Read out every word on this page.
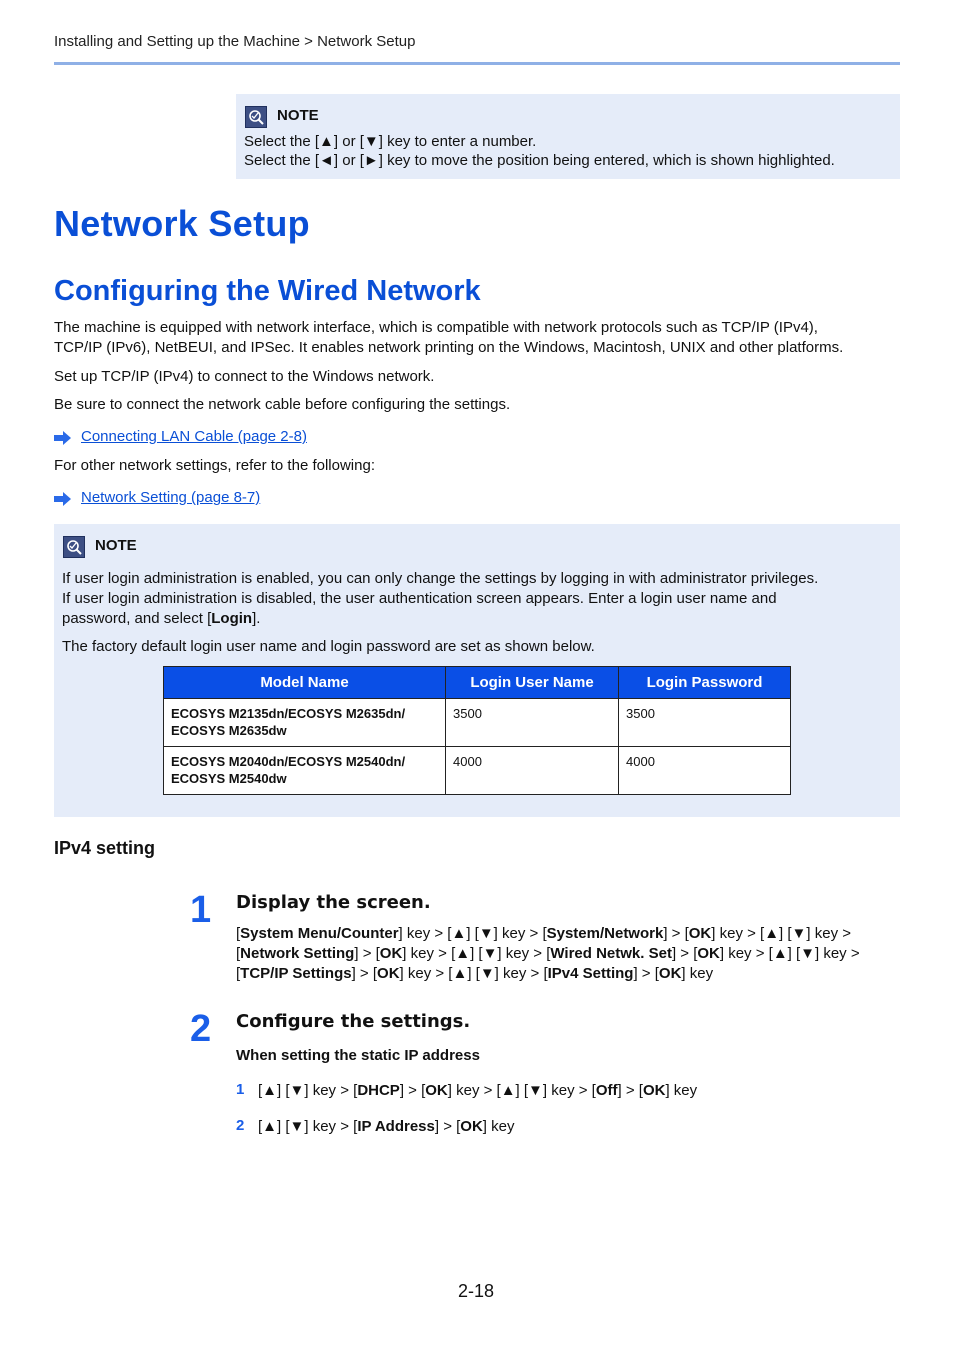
Installing and Setting up the Machine > Network Setup
NOTE
Select the [▲] or [▼] key to enter a number.
Select the [◄] or [►] key to move the position being entered, which is shown highlighted.
Network Setup
Configuring the Wired Network
The machine is equipped with network interface, which is compatible with network protocols such as TCP/IP (IPv4),
TCP/IP (IPv6), NetBEUI, and IPSec. It enables network printing on the Windows, Macintosh, UNIX and other platforms.
Set up TCP/IP (IPv4) to connect to the Windows network.
Be sure to connect the network cable before configuring the settings.
Connecting LAN Cable (page 2-8)
For other network settings, refer to the following:
Network Setting (page 8-7)
NOTE
If user login administration is enabled, you can only change the settings by logging in with administrator privileges.
If user login administration is disabled, the user authentication screen appears. Enter a login user name and
password, and select [Login].
The factory default login user name and login password are set as shown below.
Model Name	Login User Name	Login Password

ECOSYS M2135dn/ECOSYS M2635dn/
ECOSYS M2635dw	3500	3500

ECOSYS M2040dn/ECOSYS M2540dn/
ECOSYS M2540dw	4000	4000
IPv4 setting
1 Display the screen.
[System Menu/Counter] key > [▲] [▼] key > [System/Network] > [OK] key > [▲] [▼] key >
[Network Setting] > [OK] key > [▲] [▼] key > [Wired Netwk. Set] > [OK] key > [▲] [▼] key >
[TCP/IP Settings] > [OK] key > [▲] [▼] key > [IPv4 Setting] > [OK] key
2 Configure the settings.
When setting the static IP address
1 [▲] [▼] key > [DHCP] > [OK] key > [▲] [▼] key > [Off] > [OK] key
2 [▲] [▼] key > [IP Address] > [OK] key
2-18
